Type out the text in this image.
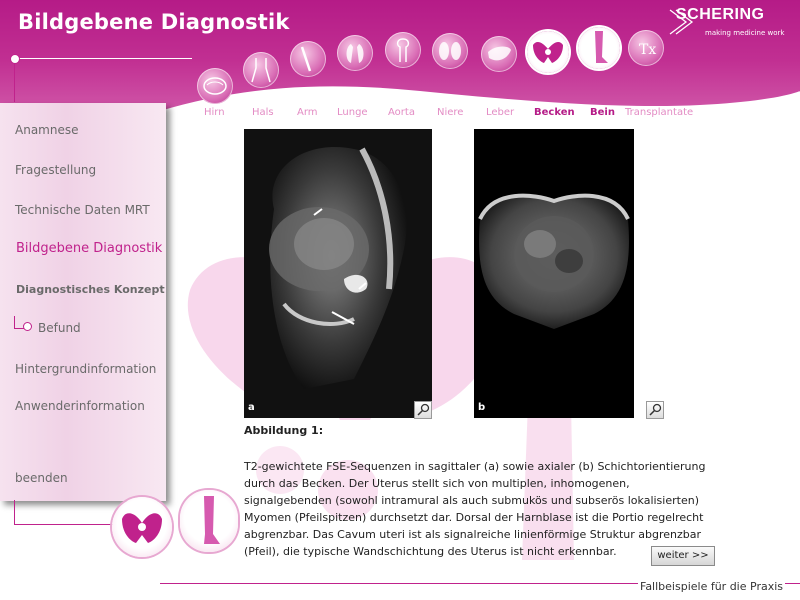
Bildgebene Diagnostik	SCHERING
making medicine work
Tx
Hirn	Hals Arm Lunge Aorta Niere Leber Becken Bein Transplantate
Anamnese
Fragestellung
Technische Daten MRT
Bildgebene Diagnostik
Diagnostisches Konzept
Befund
Hintergrundinformation
Anwenderinformation
beenden
a	b
Abbildung 1:
T2-gewichtete FSE-Sequenzen in sagittaler (a) sowie axialer (b) Schichtorientierung durch das Becken. Der Uterus stellt sich von multiplen, inhomogenen, signalgebenden (sowohl intramural als auch submukös und subserös lokalisierten) Myomen (Pfeilspitzen) durchsetzt dar. Dorsal der Harnblase ist die Portio regelrecht abgrenzbar. Das Cavum uteri ist als signalreiche linienförmige Struktur abgrenzbar (Pfeil), die typische Wandschichtung des Uterus ist nicht erkennbar.	weiter >>
Fallbeispiele für die Praxis
